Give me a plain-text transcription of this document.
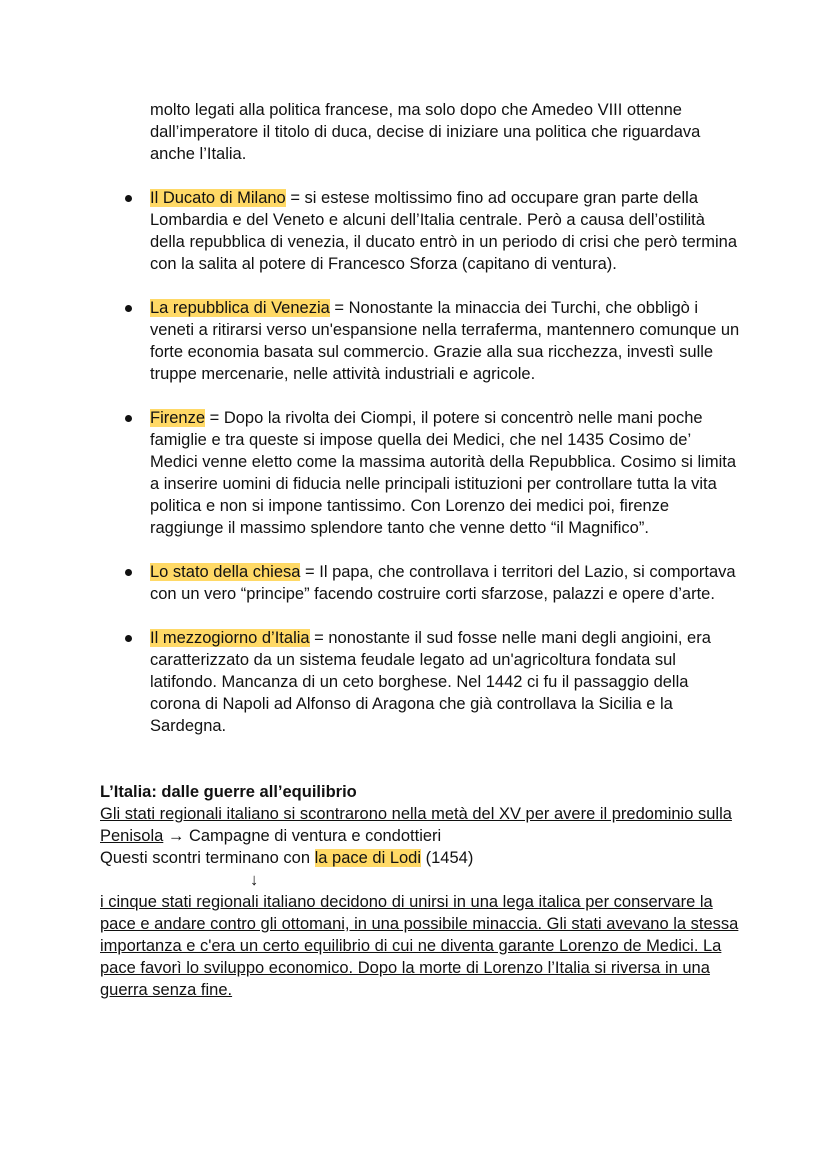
molto legati alla politica francese, ma solo dopo che Amedeo VIII ottenne dall’imperatore il titolo di duca, decise di iniziare una politica che riguardava anche l’Italia.

Il Ducato di Milano = si estese moltissimo fino ad occupare gran parte della Lombardia e del Veneto e alcuni dell’Italia centrale. Però a causa dell’ostilità della repubblica di venezia, il ducato entrò in un periodo di crisi che però termina con la salita al potere di Francesco Sforza (capitano di ventura).
La repubblica di Venezia = Nonostante la minaccia dei Turchi, che obbligò i veneti a ritirarsi verso un'espansione nella terraferma, mantennero comunque un forte economia basata sul commercio. Grazie alla sua ricchezza, investì sulle truppe mercenarie, nelle attività industriali e agricole.
Firenze = Dopo la rivolta dei Ciompi, il potere si concentrò nelle mani poche famiglie e tra queste si impose quella dei Medici, che nel 1435 Cosimo de’ Medici venne eletto come la massima autorità della Repubblica. Cosimo si limita a inserire uomini di fiducia nelle principali istituzioni per controllare tutta la vita politica e non si impone tantissimo. Con Lorenzo dei medici poi, firenze raggiunge il massimo splendore tanto che venne detto “il Magnifico”.
Lo stato della chiesa = Il papa, che controllava i territori del Lazio, si comportava con un vero “principe” facendo costruire corti sfarzose, palazzi e opere d’arte.
Il mezzogiorno d’Italia = nonostante il sud fosse nelle mani degli angioini, era caratterizzato da un sistema feudale legato ad un'agricoltura fondata sul latifondo. Mancanza di un ceto borghese. Nel 1442 ci fu il passaggio della corona di Napoli ad Alfonso di Aragona che già controllava la Sicilia e la Sardegna.

L’Italia: dalle guerre all’equilibrio

Gli stati regionali italiano si scontrarono nella metà del XV per avere il predominio sulla Penisola → Campagne di ventura e condottieri

Questi scontri terminano con la pace di Lodi (1454)

↓

i cinque stati regionali italiano decidono di unirsi in una lega italica per conservare la pace e andare contro gli ottomani, in una possibile minaccia. Gli stati avevano la stessa importanza e c'era un certo equilibrio di cui ne diventa garante Lorenzo de Medici. La pace favorì lo sviluppo economico. Dopo la morte di Lorenzo l’Italia si riversa in una guerra senza fine.
